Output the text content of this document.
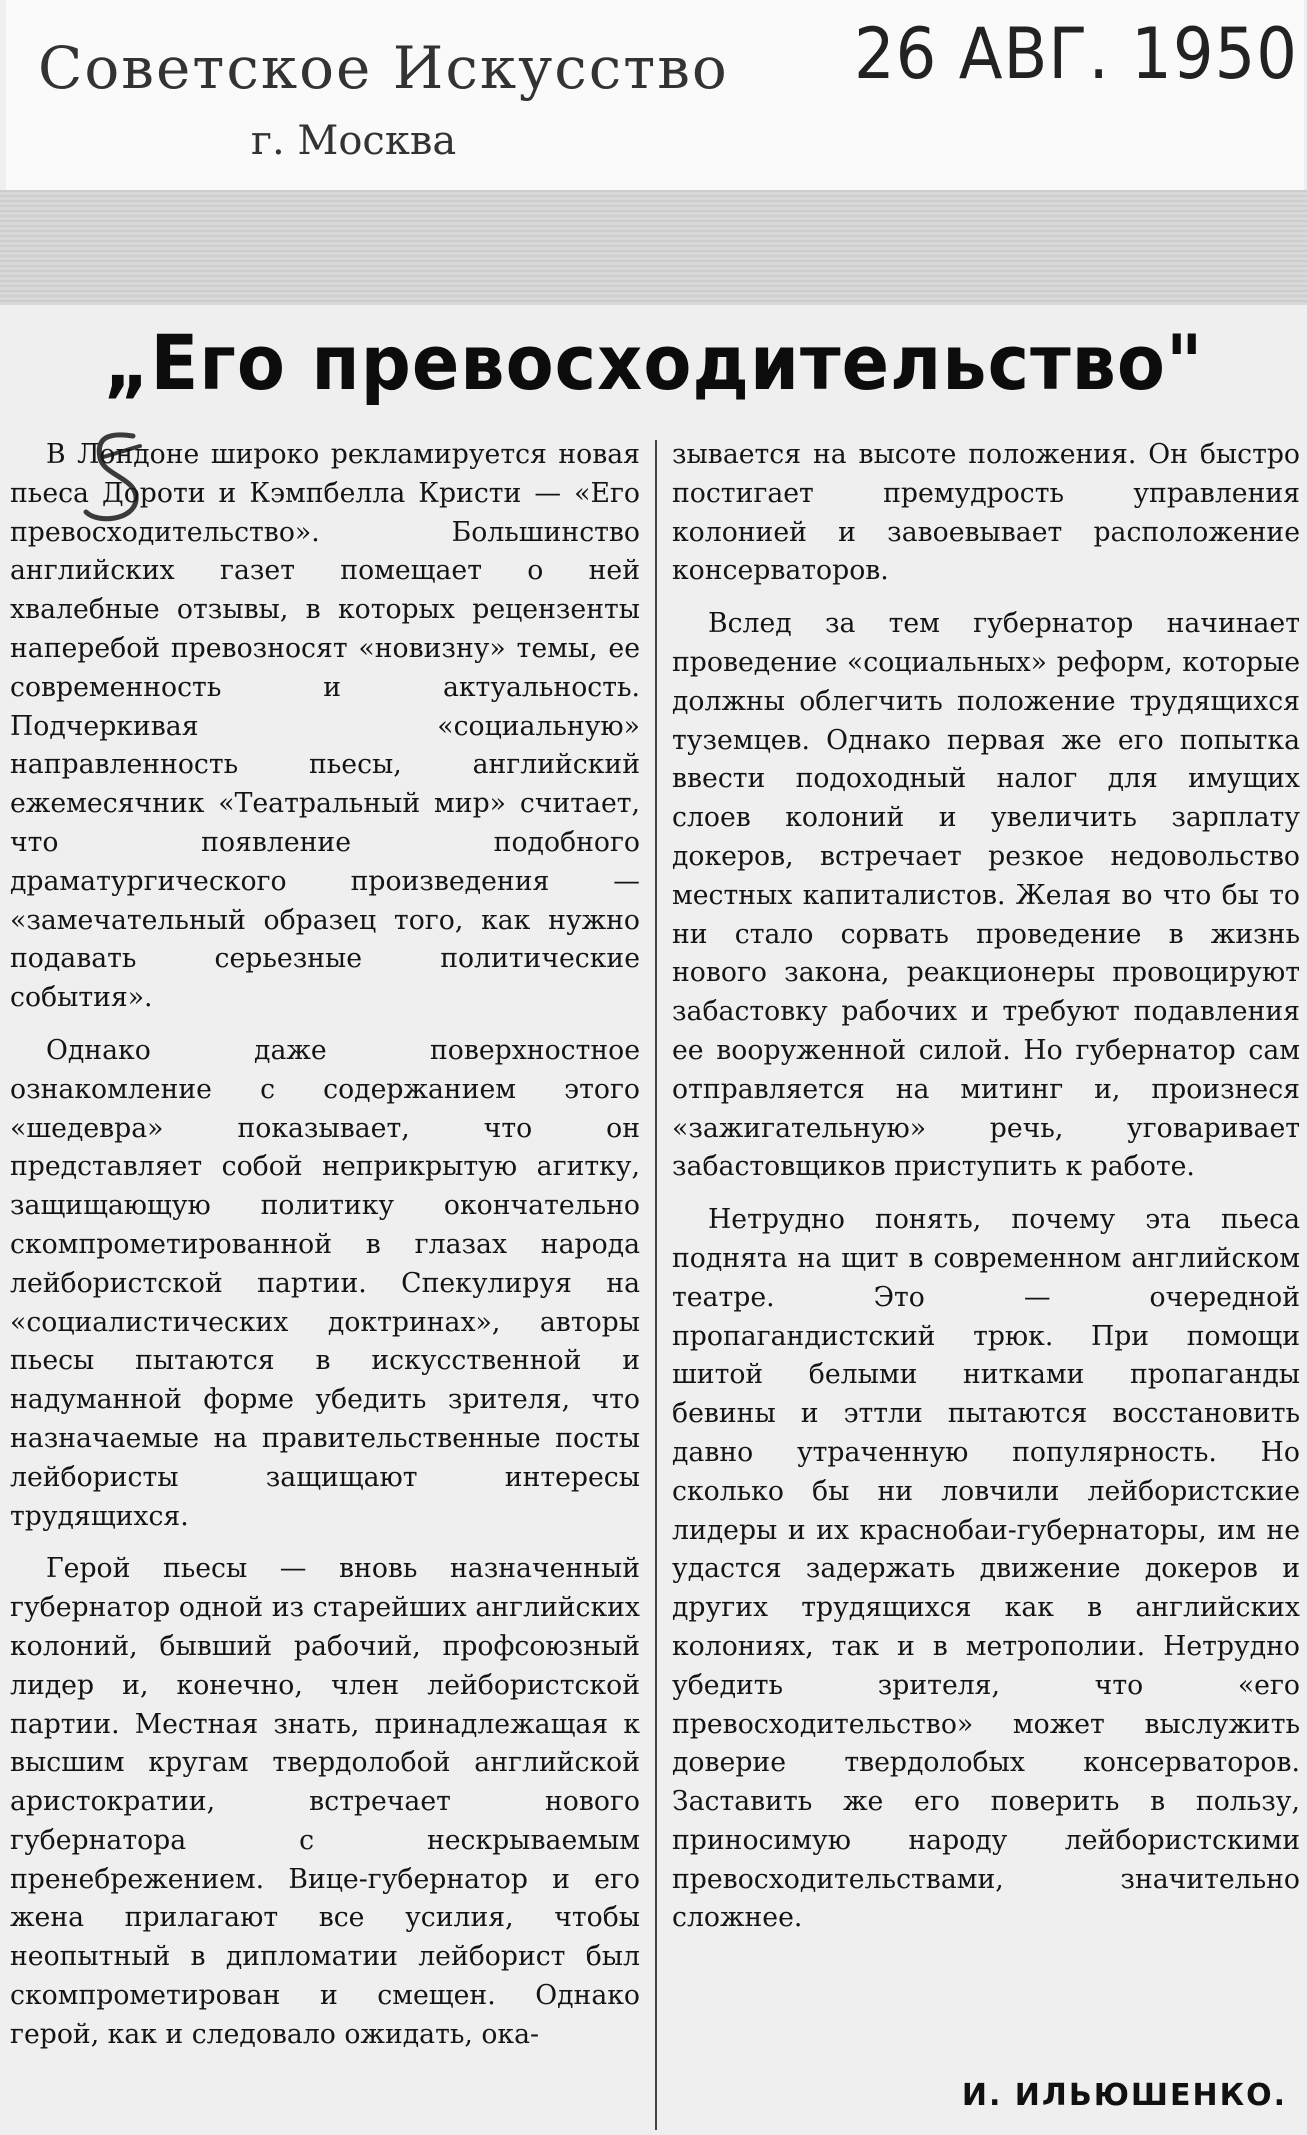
Советское Искусство
г. Москва
26 АВГ. 1950
„Его превосходительство"

В Лондоне широко рекламируется новая пьеса Дороти и Кэмпбелла Кристи — «Его превосходительство». Большинство английских газет помещает о ней хвалебные отзывы, в которых рецензенты наперебой превозносят «новизну» темы, ее современность и актуальность. Подчеркивая «социальную» направленность пьесы, английский ежемесячник «Театральный мир» считает, что появление подобного драматургического произведения — «замечательный образец того, как нужно подавать серьезные политические события».

Однако даже поверхностное ознакомление с содержанием этого «шедевра» показывает, что он представляет собой неприкрытую агитку, защищающую политику окончательно скомпрометированной в глазах народа лейбористской партии. Спекулируя на «социалистических доктринах», авторы пьесы пытаются в искусственной и надуманной форме убедить зрителя, что назначаемые на правительственные посты лейбористы защищают интересы трудящихся.

Герой пьесы — вновь назначенный губернатор одной из старейших английских колоний, бывший рабочий, профсоюзный лидер и, конечно, член лейбористской партии. Местная знать, принадлежащая к высшим кругам твердолобой английской аристократии, встречает нового губернатора с нескрываемым пренебрежением. Вице-губернатор и его жена прилагают все усилия, чтобы неопытный в дипломатии лейборист был скомпрометирован и смещен. Однако герой, как и следовало ожидать, ока-

зывается на высоте положения. Он быстро постигает премудрость управления колонией и завоевывает расположение консерваторов.

Вслед за тем губернатор начинает проведение «социальных» реформ, которые должны облегчить положение трудящихся туземцев. Однако первая же его попытка ввести подоходный налог для имущих слоев колоний и увеличить зарплату докеров, встречает резкое недовольство местных капиталистов. Желая во что бы то ни стало сорвать проведение в жизнь нового закона, реакционеры провоцируют забастовку рабочих и требуют подавления ее вооруженной силой. Но губернатор сам отправляется на митинг и, произнеся «зажигательную» речь, уговаривает забастовщиков приступить к работе.

Нетрудно понять, почему эта пьеса поднята на щит в современном английском театре. Это — очередной пропагандистский трюк. При помощи шитой белыми нитками пропаганды бевины и эттли пытаются восстановить давно утраченную популярность. Но сколько бы ни ловчили лейбористские лидеры и их краснобаи-губернаторы, им не удастся задержать движение докеров и других трудящихся как в английских колониях, так и в метрополии. Нетрудно убедить зрителя, что «его превосходительство» может выслужить доверие твердолобых консерваторов. Заставить же его поверить в пользу, приносимую народу лейбористскими превосходительствами, значительно сложнее.

И. ИЛЬЮШЕНКО.
